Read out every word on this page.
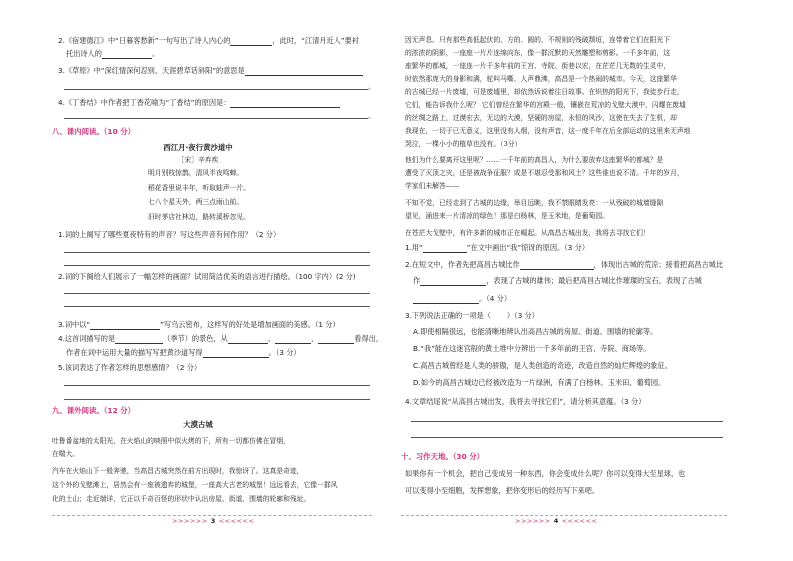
2.《宿建德江》中“日暮客愁新”一句写出了诗人内心的	，此时，“江清月近人”要衬
托出诗人的	。
3.《草原》中“深红情深何忍别，天涯碧草话斜阳”的意思是
。
4.《丁香结》中作者把丁香花喻为“丁香结”的原因是：
。
八、课内阅读。（10 分）
西江月·夜行黄沙道中
［宋］辛弃疾
明月别枝惊鹊，清风半夜鸣蝉。
稻花香里说丰年，听取蛙声一片。
七八个星天外，两三点雨山前。
旧时茅店社林边，路转溪桥忽见。
1.词的上阕写了哪些夏夜特有的声音？写这些声音有何作用？（2 分）
2.词的下阕给人们展示了一幅怎样的画面？试用简洁优美的语言进行描绘。（100 字内）(2 分)
3.词中以“	”写乌云密布，这样写的好处是增加画面的美感。（1 分）
4.这首词描写的是	（季节）的景色，从	、	、	看得出，
作者在词中运用大量的描写写把黄沙道写得	。（3 分）
5.该词表达了作者怎样的思想感情？（2 分）
九、课外阅读。（12 分）
大漠古城
吐鲁番盆地的太阳光，在火焰山的映照中似火烤的下，所有一切都仿佛在冒烟，
在喘大。
汽车在火焰山下一般奔驰，当高昌古城突然在前方出现时，我惊讶了。这真是奇迹，
这个外的戈壁滩上，居然会有一座被遗弃的城堡，一座高大古老的城堡！远远看去，它像一群风
化的土山；走近端详，它正以千奇百怪的形状中认出房屋、街道、围墙的轮廓和残址。
>>>>>> 3 <<<<<<
因无声息。只有那些高低起伏的、方的、圆的、不规则的残破颓垣，连带着它们在阳光下
的浓浓的阴影，一座座一片片连绵向东，像一群沉默的天然雕塑和剪影。一千多年前，这
座繁华的都城，一座连一片千多年前的王宫、寺院、街巷以宏，在茫茫几无数的生灵中，
时依然那庞大的身影和满，驼叫马嘶、人声鼎沸，高昌是一个热闹的城市。今天，这座繁华
的古城已经一片废墟，可是废墟里，却依然诉说着往日故事。在炽热的阳光下，我徒步行走，
它们，能告诉我什么呢？ 它们曾经在繁华的宫殿一般，镶嵌在荒凉的戈壁大漠中，闪耀在废墟
的丝绸之路上，过漠宏去，无边的大漠，坚硬的房屋，永恒的风沙，这使在失去了生机，却
我现在，一切于已无意义，这里没有人烟，没有声音，这一度千年在后全部运动的这里来无声地
哭泣，一棵小小的植草也没有。（3分）
他们为什么要离开这里呢？……一千年前的高昌人，为什么要放弃这座繁华的都城？是
遭受了灭顶之灾，还是被战争征服？或是不堪忍受那和风土？这些谁也说不清。千年的岁月，
学家们未解答——
不知不觉，已经走到了古城的边缘，举目远眺，我不禁眼睛发亮：一从残破的城墙缝隙
望见，涌进来一片清凉的绿色！那是白杨林，是玉米地，是葡萄园。
在苍茫大戈壁中，有许多新的城市正在崛起。从高昌古城出发，我将去寻找它们！
1.用“	”在文中画出“我”惊讶的原因。（3 分）
2.在短文中，作者先把高昌古城比作	，体现出古城的荒凉；接着把高昌古城比
作	，表现了古城的雄伟；最后把高昌古城比作璀璨的宝石，表现了古城
。（4 分）
3.下列说法正确的一项是（ ）（3 分）
A.即使相隔很远，也能清晰地辨认出高昌古城的房屋、街道、围墙的轮廓等。
B.“我”能在这迷宫般的黄土堆中分辨出一千多年前的王宫、寺院、商场等。
C.高昌古城曾经是人类的骄傲，是人类创造的奇迹，改造自然的灿烂辉煌的象征。
D.如今的高昌古城边已经被改造为一片绿洲，有满了白杨林、玉米田、葡萄园。
4.文章结尾说“从高昌古城出发，我将去寻找它们”，请分析其意蕴。（3 分）
十、习作天地。（30 分）
如果你有一个机会，把自己变成另一种东西，你会变成什么呢？你可以变得大至星球，也
可以变得小至细胞，发挥想象，把你变形后的经历写下来吧。
>>>>>> 4 <<<<<<
